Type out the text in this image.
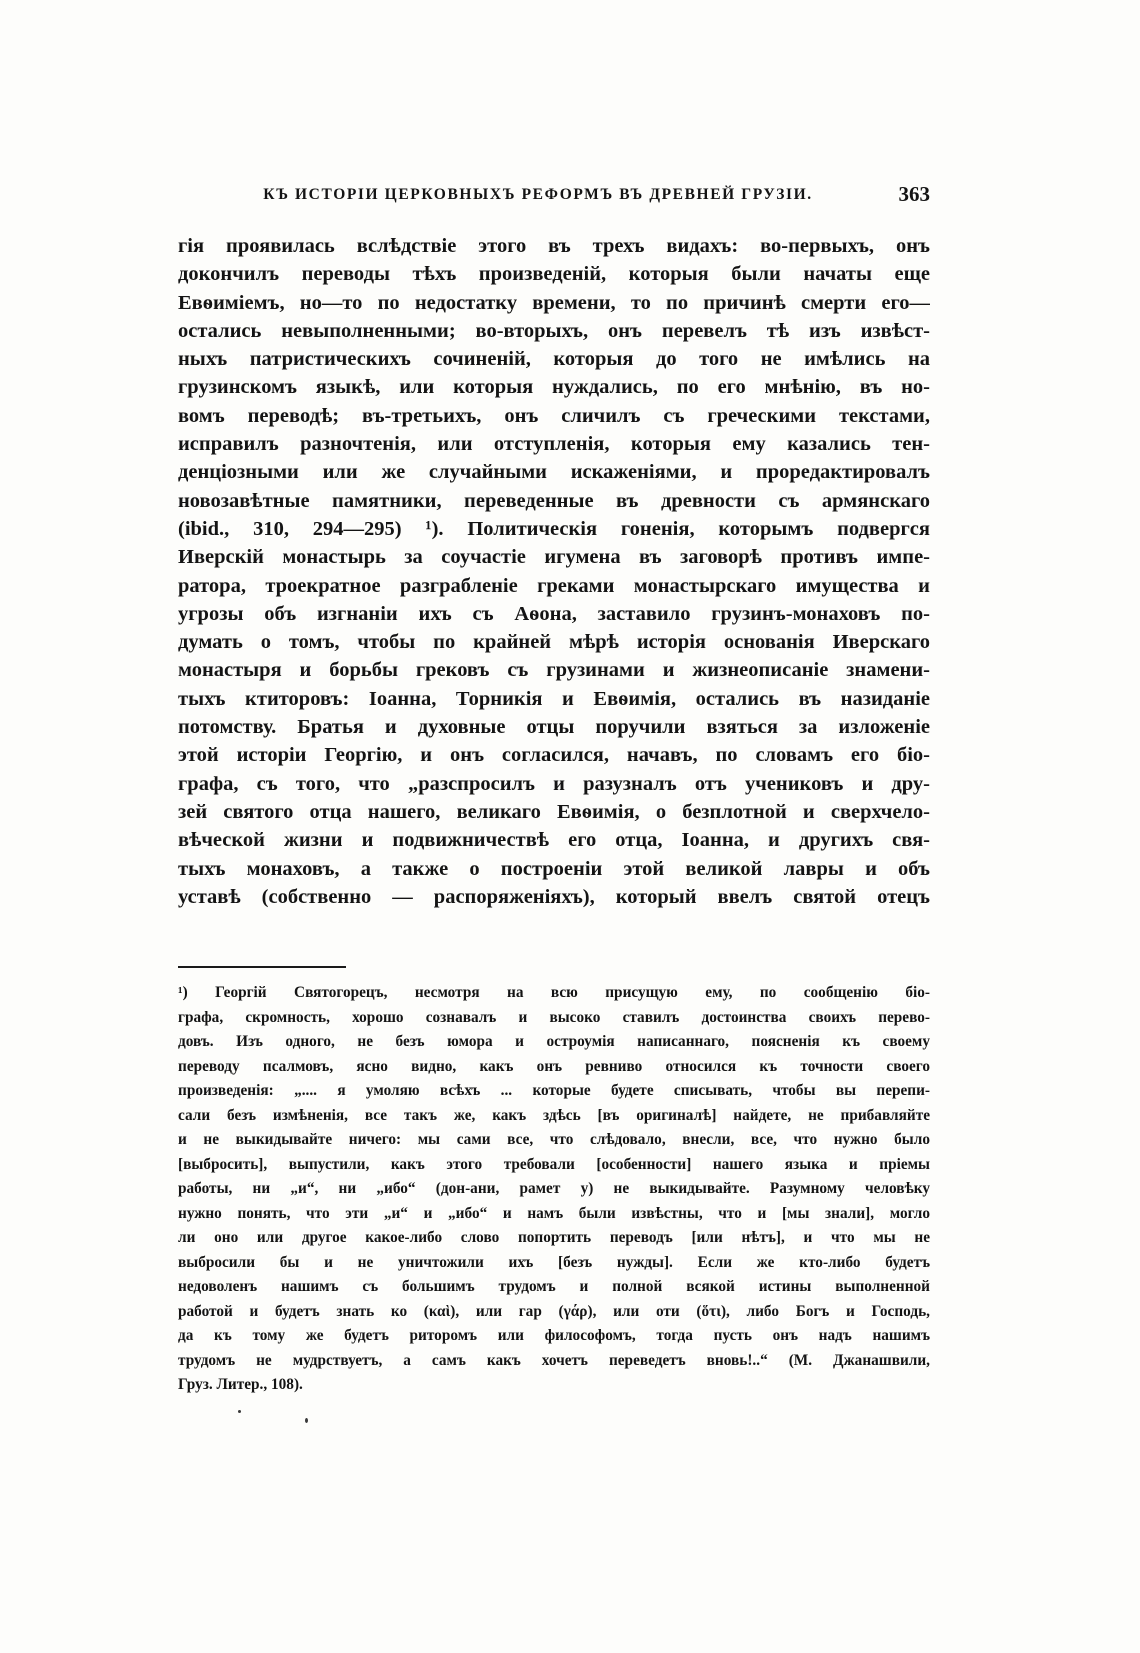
КЪ ИСТОРІИ ЦЕРКОВНЫХЪ РЕФОРМЪ ВЪ ДРЕВНЕЙ ГРУЗІИ.	363
гія проявилась вслѣдствіе этого въ трехъ видахъ: во-первыхъ, онъ
докончилъ переводы тѣхъ произведеній, которыя были начаты еще
Евѳиміемъ, но—то по недостатку времени, то по причинѣ смерти его—
остались невыполненными; во-вторыхъ, онъ перевелъ тѣ изъ извѣст-
ныхъ патристическихъ сочиненій, которыя до того не имѣлись на
грузинскомъ языкѣ, или которыя нуждались, по его мнѣнію, въ но-
вомъ переводѣ; въ-третьихъ, онъ сличилъ съ греческими текстами,
исправилъ разночтенія, или отступленія, которыя ему казались тен-
денціозными или же случайными искаженіями, и проредактировалъ
новозавѣтные памятники, переведенные въ древности съ армянскаго
(ibid., 310, 294—295) ¹). Политическія гоненія, которымъ подвергся
Иверскій монастырь за соучастіе игумена въ заговорѣ противъ импе-
ратора, троекратное разграбленіе греками монастырскаго имущества и
угрозы объ изгнаніи ихъ съ Аѳона, заставило грузинъ-монаховъ по-
думать о томъ, чтобы по крайней мѣрѣ исторія основанія Иверскаго
монастыря и борьбы грековъ съ грузинами и жизнеописаніе знамени-
тыхъ ктиторовъ: Іоанна, Торникія и Евѳимія, остались въ назиданіе
потомству. Братья и духовные отцы поручили взяться за изложеніе
этой исторіи Георгію, и онъ согласился, начавъ, по словамъ его біо-
графа, съ того, что „разспросилъ и разузналъ отъ учениковъ и дру-
зей святого отца нашего, великаго Евѳимія, о безплотной и сверхчело-
вѣческой жизни и подвижничествѣ его отца, Іоанна, и другихъ свя-
тыхъ монаховъ, а также о построеніи этой великой лавры и объ
уставѣ (собственно — распоряженіяхъ), который ввелъ святой отецъ
¹) Георгій Святогорецъ, несмотря на всю присущую ему, по сообщенію біо-
графа, скромность, хорошо сознавалъ и высоко ставилъ достоинства своихъ перево-
довъ. Изъ одного, не безъ юмора и остроумія написаннаго, поясненія къ своему
переводу псалмовъ, ясно видно, какъ онъ ревниво относился къ точности своего
произведенія: „.... я умоляю всѣхъ ... которые будете списывать, чтобы вы перепи-
сали безъ измѣненія, все такъ же, какъ здѣсь [въ оригиналѣ] найдете, не прибавляйте
и не выкидывайте ничего: мы сами все, что слѣдовало, внесли, все, что нужно было
[выбросить], выпустили, какъ этого требовали [особенности] нашего языка и пріемы
работы, ни „и“, ни „ибо“ (дон-ани, рамет у) не выкидывайте. Разумному человѣку
нужно понять, что эти „и“ и „ибо“ и намъ были извѣстны, что и [мы знали], могло
ли оно или другое какое-либо слово попортить переводъ [или нѣтъ], и что мы не
выбросили бы и не уничтожили ихъ [безъ нужды]. Если же кто-либо будетъ
недоволенъ нашимъ съ большимъ трудомъ и полной всякой истины выполненной
работой и будетъ знать ко (καὶ), или гар (γάρ), или оти (ὅτι), либо Богъ и Господь,
да къ тому же будетъ риторомъ или философомъ, тогда пусть онъ надъ нашимъ
трудомъ не мудрствуетъ, а самъ какъ хочетъ переведетъ вновь!..“ (М. Джанашвили,
Груз. Литер., 108).
